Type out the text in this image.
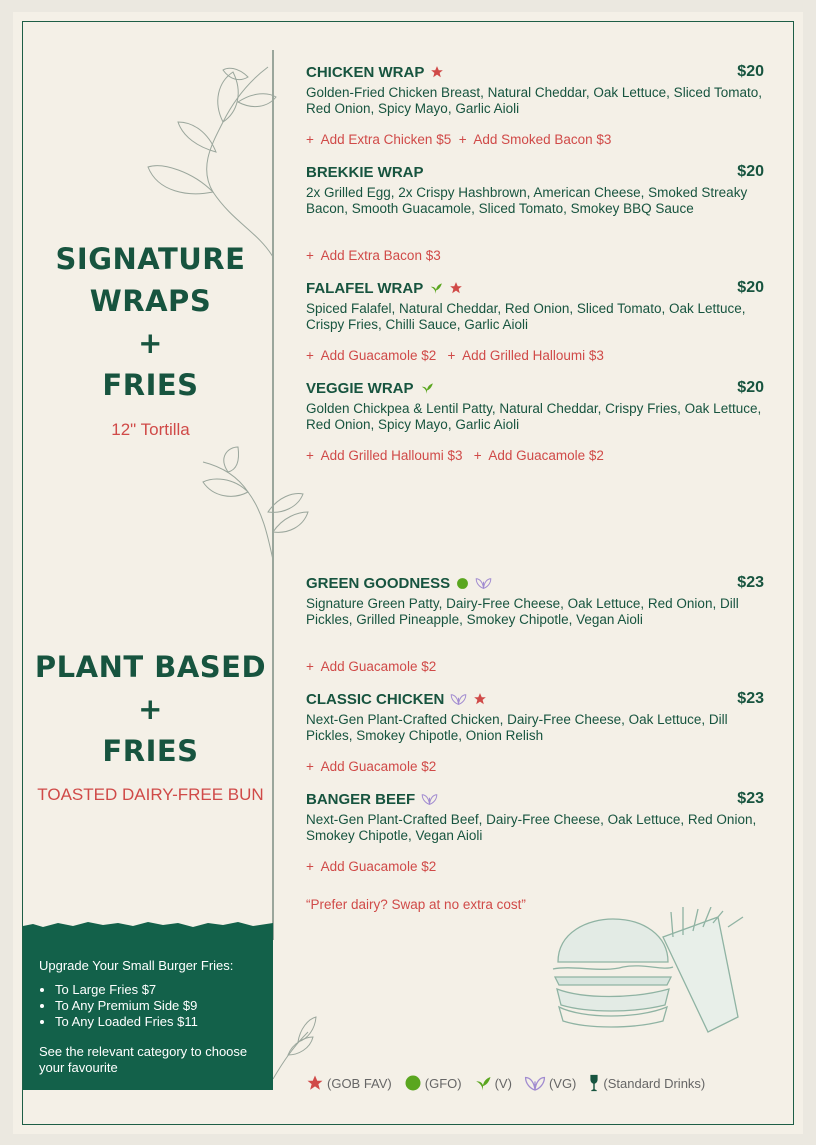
SIGNATURE
WRAPS
+
FRIES
12" Tortilla
PLANT BASED
+
FRIES
TOASTED DAIRY-FREE BUN
CHICKEN WRAP	$20
Golden-Fried Chicken Breast, Natural Cheddar, Oak Lettuce, Sliced Tomato, Red Onion, Spicy Mayo, Garlic Aioli
+  Add Extra Chicken $5  +  Add Smoked Bacon $3
BREKKIE WRAP	$20
2x Grilled Egg, 2x Crispy Hashbrown, American Cheese, Smoked Streaky Bacon, Smooth Guacamole, Sliced Tomato, Smokey BBQ Sauce
+  Add Extra Bacon $3
FALAFEL WRAP	$20
Spiced Falafel, Natural Cheddar, Red Onion, Sliced Tomato, Oak Lettuce, Crispy Fries, Chilli Sauce, Garlic Aioli
+  Add Guacamole $2   +  Add Grilled Halloumi $3
VEGGIE WRAP	$20
Golden Chickpea & Lentil Patty, Natural Cheddar, Crispy Fries, Oak Lettuce, Red Onion, Spicy Mayo, Garlic Aioli
+  Add Grilled Halloumi $3   +  Add Guacamole $2
GREEN GOODNESS	$23
Signature Green Patty, Dairy-Free Cheese, Oak Lettuce, Red Onion, Dill Pickles, Grilled Pineapple, Smokey Chipotle, Vegan Aioli
+  Add Guacamole $2
CLASSIC CHICKEN	$23
Next-Gen Plant-Crafted Chicken, Dairy-Free Cheese, Oak Lettuce, Dill Pickles, Smokey Chipotle, Onion Relish
+  Add Guacamole $2
BANGER BEEF	$23
Next-Gen Plant-Crafted Beef, Dairy-Free Cheese, Oak Lettuce, Red Onion, Smokey Chipotle, Vegan Aioli
+  Add Guacamole $2
“Prefer dairy? Swap at no extra cost”
Upgrade Your Small Burger Fries:
• To Large Fries $7
• To Any Premium Side $9
• To Any Loaded Fries $11
See the relevant category to choose your favourite
(GOB FAV)	(GFO)	(V)	(VG) (Standard Drinks)
